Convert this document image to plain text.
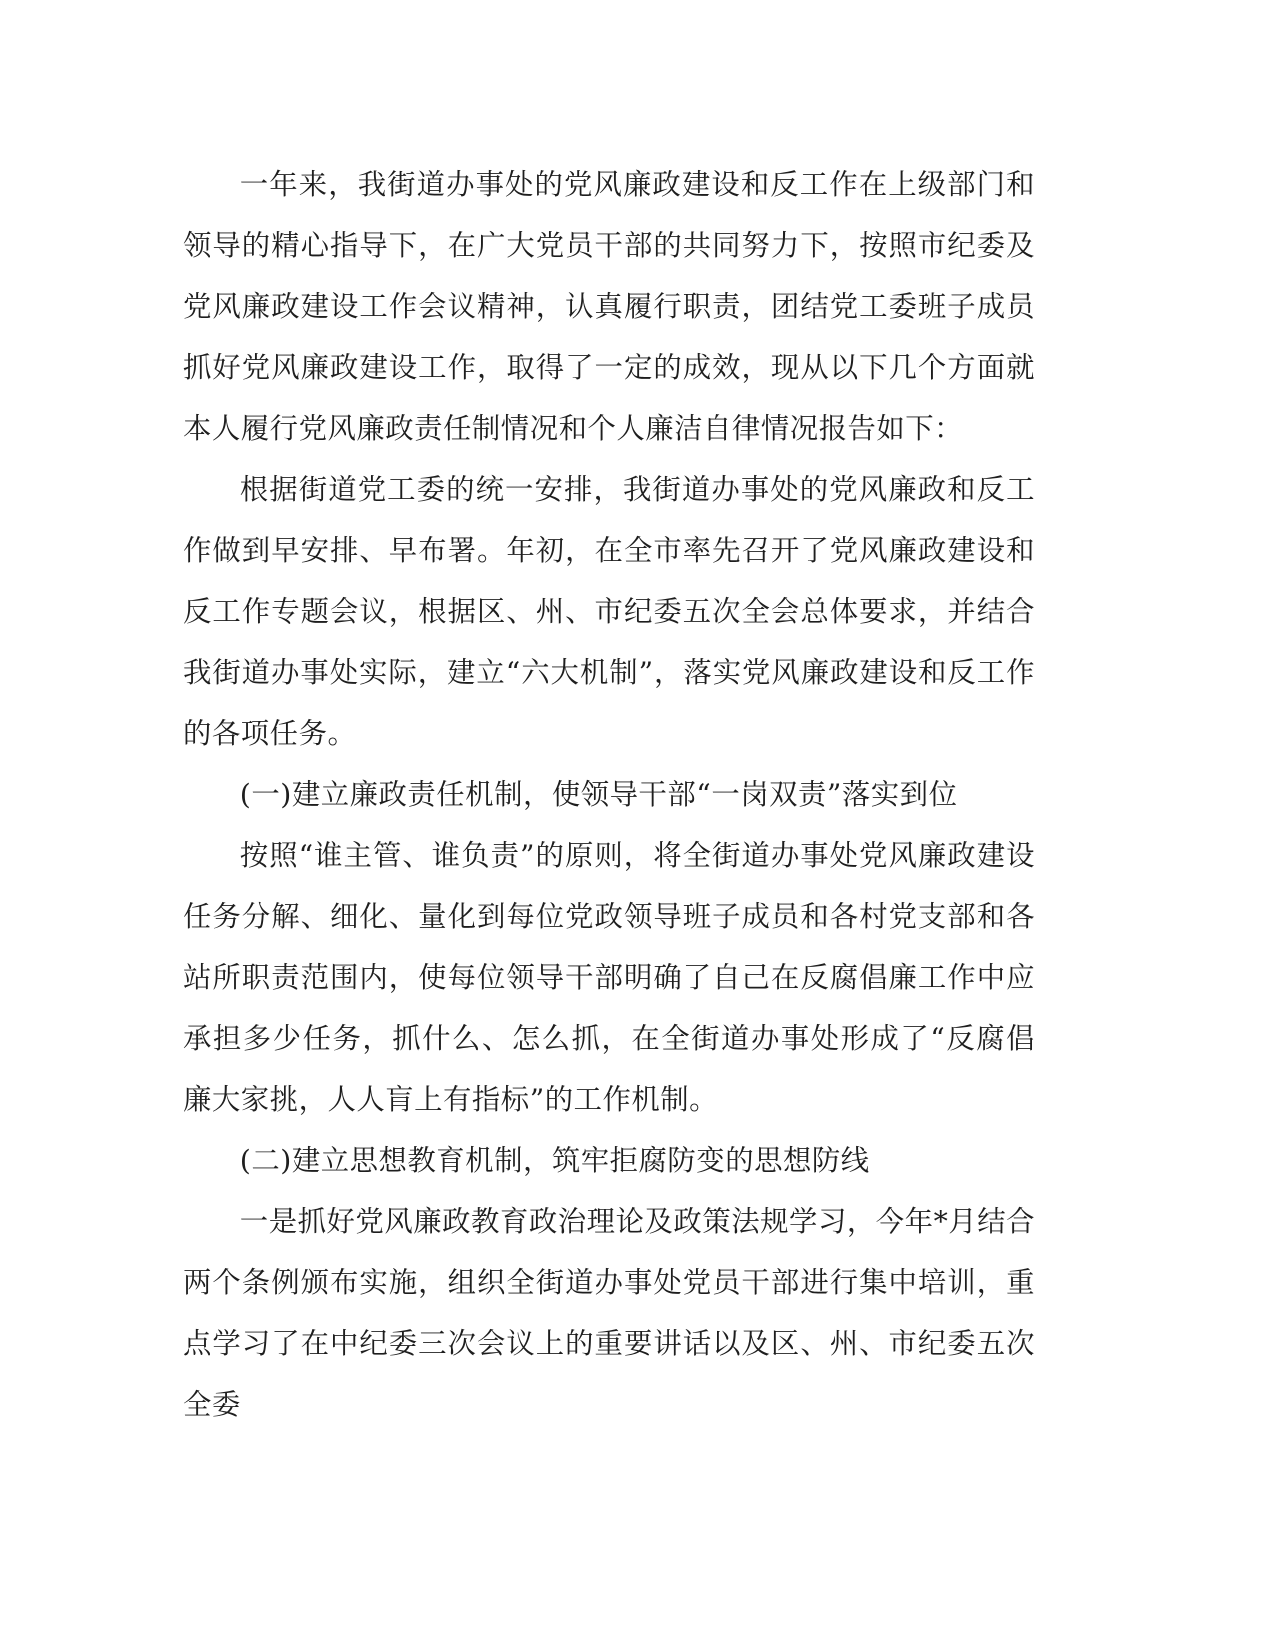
一年来，我街道办事处的党风廉政建设和反工作在上级部门和领导的精心指导下，在广大党员干部的共同努力下，按照市纪委及党风廉政建设工作会议精神，认真履行职责，团结党工委班子成员抓好党风廉政建设工作，取得了一定的成效，现从以下几个方面就本人履行党风廉政责任制情况和个人廉洁自律情况报告如下：

根据街道党工委的统一安排，我街道办事处的党风廉政和反工作做到早安排、早布署。年初，在全市率先召开了党风廉政建设和反工作专题会议，根据区、州、市纪委五次全会总体要求，并结合我街道办事处实际，建立“六大机制”，落实党风廉政建设和反工作的各项任务。

(一)建立廉政责任机制，使领导干部“一岗双责”落实到位

按照“谁主管、谁负责”的原则，将全街道办事处党风廉政建设任务分解、细化、量化到每位党政领导班子成员和各村党支部和各站所职责范围内，使每位领导干部明确了自己在反腐倡廉工作中应承担多少任务，抓什么、怎么抓，在全街道办事处形成了“反腐倡廉大家挑，人人肓上有指标”的工作机制。

(二)建立思想教育机制，筑牢拒腐防变的思想防线

一是抓好党风廉政教育政治理论及政策法规学习，今年*月结合两个条例颁布实施，组织全街道办事处党员干部进行集中培训，重点学习了在中纪委三次会议上的重要讲话以及区、州、市纪委五次全委
